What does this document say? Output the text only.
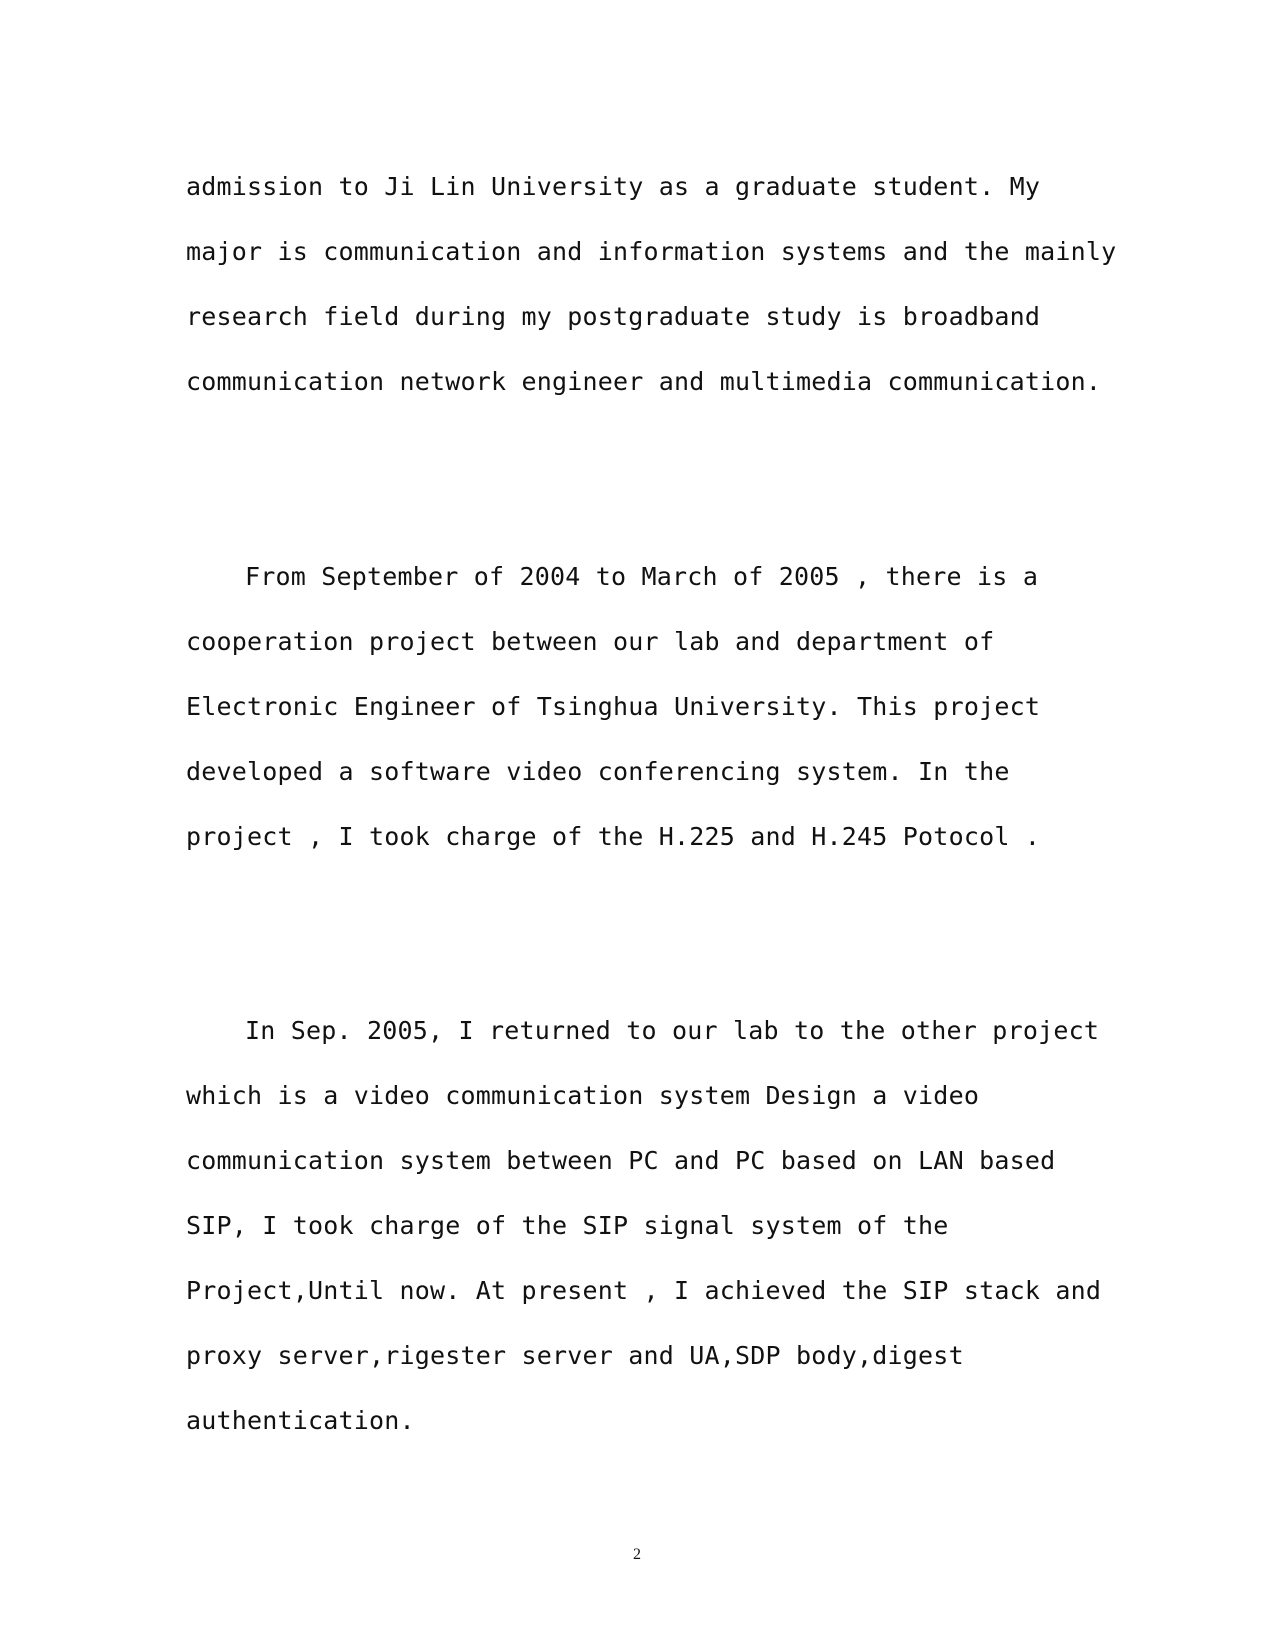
admission to Ji Lin University as a graduate student. My
major is communication and information systems and the mainly
research field during my postgraduate study is broadband
communication network engineer and multimedia communication.
From September of 2004 to March of 2005 , there is a
cooperation project between our lab and department of
Electronic Engineer of Tsinghua University. This project
developed a software video conferencing system. In the
project , I took charge of the H.225 and H.245 Potocol .
In Sep. 2005, I returned to our lab to the other project
which is a video communication system Design a video
communication system between PC and PC based on LAN based
SIP, I took charge of the SIP signal system of the
Project,Until now. At present , I achieved the SIP stack and
proxy server,rigester server and UA,SDP body,digest
authentication.
2
